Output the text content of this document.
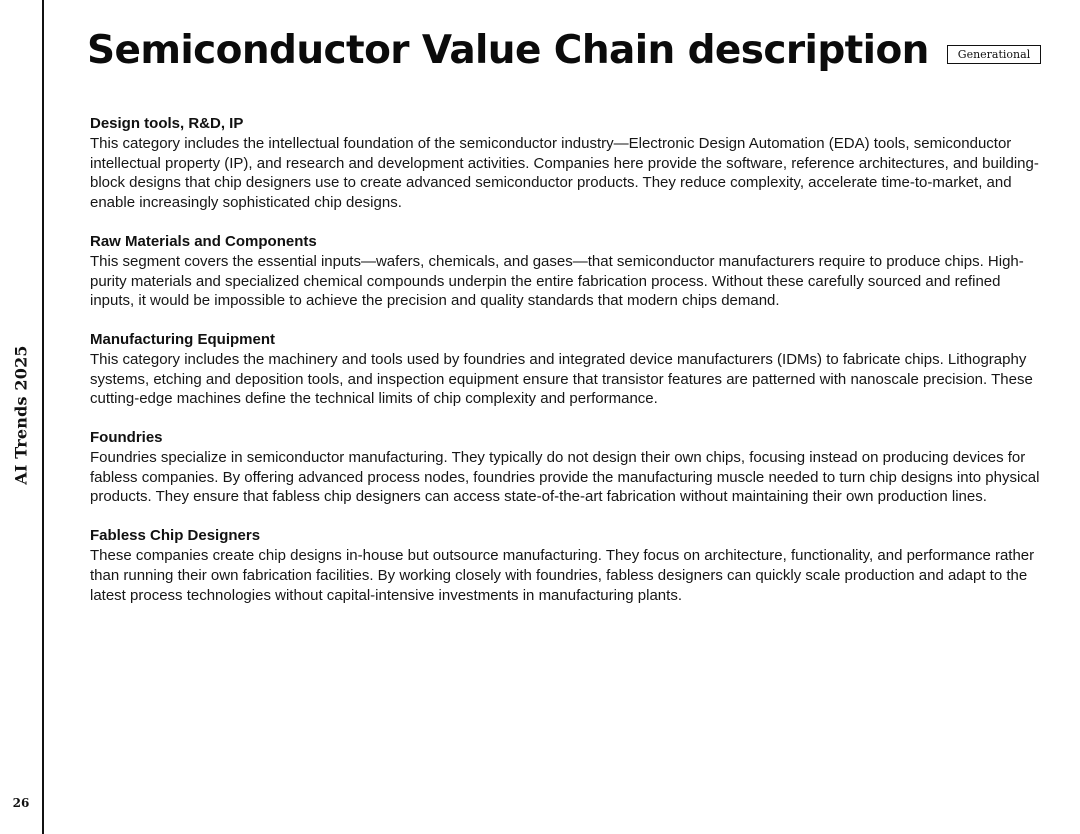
AI Trends 2025
26
Semiconductor Value Chain description	Generational

Design tools, R&D, IP

This category includes the intellectual foundation of the semiconductor industry—Electronic Design Automation (EDA) tools, semiconductor intellectual property (IP), and research and development activities. Companies here provide the software, reference architectures, and building-block designs that chip designers use to create advanced semiconductor products. They reduce complexity, accelerate time-to-market, and enable increasingly sophisticated chip designs.

Raw Materials and Components

This segment covers the essential inputs—wafers, chemicals, and gases—that semiconductor manufacturers require to produce chips. High-purity materials and specialized chemical compounds underpin the entire fabrication process. Without these carefully sourced and refined inputs, it would be impossible to achieve the precision and quality standards that modern chips demand.

Manufacturing Equipment

This category includes the machinery and tools used by foundries and integrated device manufacturers (IDMs) to fabricate chips. Lithography systems, etching and deposition tools, and inspection equipment ensure that transistor features are patterned with nanoscale precision. These cutting-edge machines define the technical limits of chip complexity and performance.

Foundries

Foundries specialize in semiconductor manufacturing. They typically do not design their own chips, focusing instead on producing devices for fabless companies. By offering advanced process nodes, foundries provide the manufacturing muscle needed to turn chip designs into physical products. They ensure that fabless chip designers can access state-of-the-art fabrication without maintaining their own production lines.

Fabless Chip Designers

These companies create chip designs in-house but outsource manufacturing. They focus on architecture, functionality, and performance rather than running their own fabrication facilities. By working closely with foundries, fabless designers can quickly scale production and adapt to the latest process technologies without capital-intensive investments in manufacturing plants.
